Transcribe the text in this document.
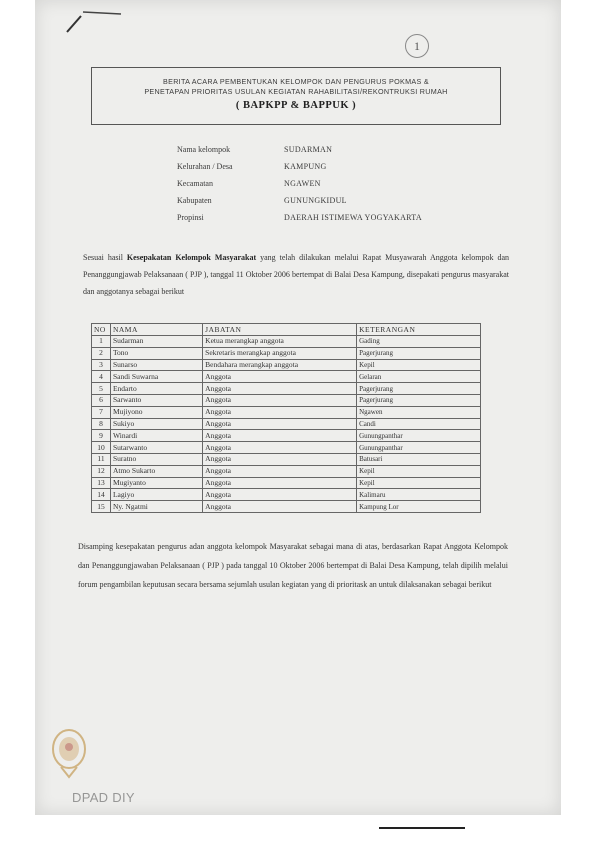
1
BERITA ACARA PEMBENTUKAN KELOMPOK DAN PENGURUS POKMAS &
PENETAPAN PRIORITAS USULAN KEGIATAN RAHABILITASI/REKONTRUKSI RUMAH
( BAPKPP & BAPPUK )
Nama kelompok	SUDARMAN
Kelurahan / Desa	KAMPUNG
Kecamatan	NGAWEN
Kabupaten	GUNUNGKIDUL
Propinsi	DAERAH ISTIMEWA YOGYAKARTA
Sesuai hasil Kesepakatan Kelompok Masyarakat yang telah dilakukan melalui Rapat Musyawarah Anggota kelompok dan Penanggungjawab Pelaksanaan ( PJP ), tanggal 11 Oktober 2006 bertempat di Balai Desa Kampung, disepakati pengurus masyarakat dan anggotanya sebagai berikut
NO	NAMA	JABATAN	KETERANGAN
1	Sudarman	Ketua merangkap anggota	Gading
2	Tono	Sekretaris merangkap anggota	Pagerjurang
3	Sunarso	Bendahara merangkap anggota	Kepil
4	Sandi Suwarna	Anggota	Gelaran
5	Endarto	Anggota	Pagerjurang
6	Sarwanto	Anggota	Pagerjurang
7	Mujiyono	Anggota	Ngawen
8	Sukiyo	Anggota	Candi
9	Winardi	Anggota	Gunungpanthar
10	Sutarwanto	Anggota	Gunungpanthar
11	Suratno	Anggota	Batusari
12	Atmo Sukarto	Anggota	Kepil
13	Mugiyanto	Anggota	Kepil
14	Lagiyo	Anggota	Kalimaru
15	Ny. Ngatmi	Anggota	Kampung Lor
Disamping kesepakatan pengurus adan anggota kelompok Masyarakat sebagai mana di atas, berdasarkan Rapat Anggota Kelompok dan Penanggungjawaban Pelaksanaan ( PJP ) pada tanggal 10 Oktober 2006 bertempat di Balai Desa Kampung, telah dipilih melalui forum pengambilan keputusan secara bersama sejumlah usulan kegiatan yang di prioritask an untuk dilaksanakan sebagai berikut
DPAD DIY
